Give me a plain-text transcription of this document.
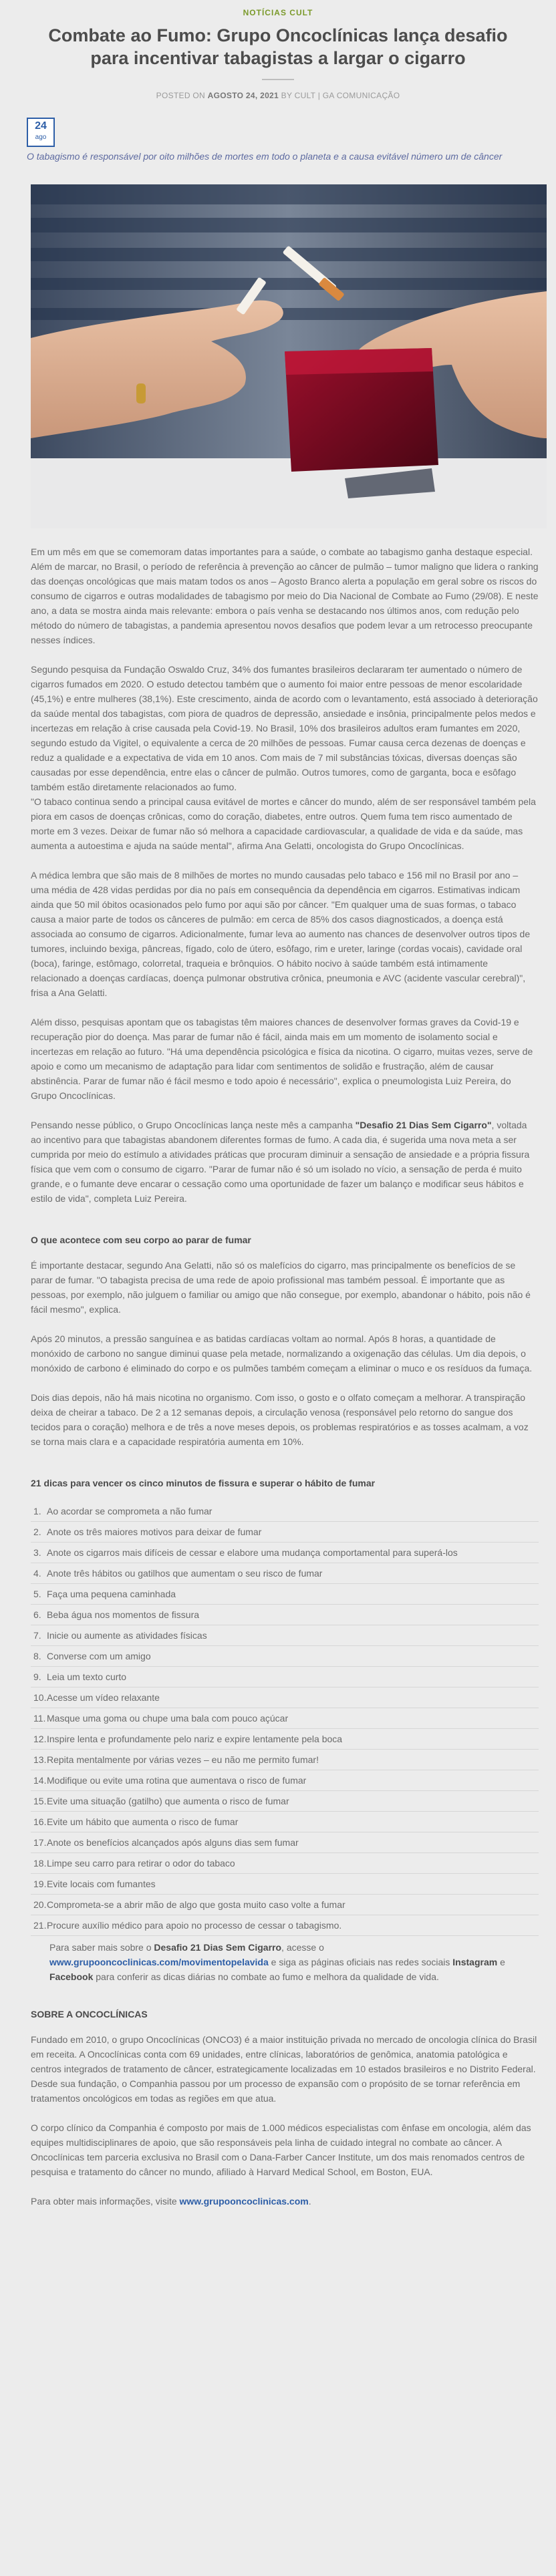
NOTÍCIAS CULT
Combate ao Fumo: Grupo Oncoclínicas lança desafio para incentivar tabagistas a largar o cigarro
POSTED ON AGOSTO 24, 2021 BY CULT | GA COMUNICAÇÃO
24
ago

O tabagismo é responsável por oito milhões de mortes em todo o planeta e a causa evitável número um de câncer

Em um mês em que se comemoram datas importantes para a saúde, o combate ao tabagismo ganha destaque especial. Além de marcar, no Brasil, o período de referência à prevenção ao câncer de pulmão – tumor maligno que lidera o ranking das doenças oncológicas que mais matam todos os anos – Agosto Branco alerta a população em geral sobre os riscos do consumo de cigarros e outras modalidades de tabagismo por meio do Dia Nacional de Combate ao Fumo (29/08). E neste ano, a data se mostra ainda mais relevante: embora o país venha se destacando nos últimos anos, com redução pelo método do número de tabagistas, a pandemia apresentou novos desafios que podem levar a um retrocesso preocupante nesses índices.

Segundo pesquisa da Fundação Oswaldo Cruz, 34% dos fumantes brasileiros declararam ter aumentado o número de cigarros fumados em 2020. O estudo detectou também que o aumento foi maior entre pessoas de menor escolaridade (45,1%) e entre mulheres (38,1%). Este crescimento, ainda de acordo com o levantamento, está associado à deterioração da saúde mental dos tabagistas, com piora de quadros de depressão, ansiedade e insônia, principalmente pelos medos e incertezas em relação à crise causada pela Covid-19. No Brasil, 10% dos brasileiros adultos eram fumantes em 2020, segundo estudo da Vigitel, o equivalente a cerca de 20 milhões de pessoas. Fumar causa cerca dezenas de doenças e reduz a qualidade e a expectativa de vida em 10 anos. Com mais de 7 mil substâncias tóxicas, diversas doenças são causadas por esse dependência, entre elas o câncer de pulmão. Outros tumores, como de garganta, boca e esôfago também estão diretamente relacionados ao fumo.

"O tabaco continua sendo a principal causa evitável de mortes e câncer do mundo, além de ser responsável também pela piora em casos de doenças crônicas, como do coração, diabetes, entre outros. Quem fuma tem risco aumentado de morte em 3 vezes. Deixar de fumar não só melhora a capacidade cardiovascular, a qualidade de vida e da saúde, mas aumenta a autoestima e ajuda na saúde mental", afirma Ana Gelatti, oncologista do Grupo Oncoclínicas.

A médica lembra que são mais de 8 milhões de mortes no mundo causadas pelo tabaco e 156 mil no Brasil por ano – uma média de 428 vidas perdidas por dia no país em consequência da dependência em cigarros. Estimativas indicam ainda que 50 mil óbitos ocasionados pelo fumo por aqui são por câncer. "Em qualquer uma de suas formas, o tabaco causa a maior parte de todos os cânceres de pulmão: em cerca de 85% dos casos diagnosticados, a doença está associada ao consumo de cigarros. Adicionalmente, fumar leva ao aumento nas chances de desenvolver outros tipos de tumores, incluindo bexiga, pâncreas, fígado, colo de útero, esôfago, rim e ureter, laringe (cordas vocais), cavidade oral (boca), faringe, estômago, colorretal, traqueia e brônquios. O hábito nocivo à saúde também está intimamente relacionado a doenças cardíacas, doença pulmonar obstrutiva crônica, pneumonia e AVC (acidente vascular cerebral)", frisa a Ana Gelatti.

Além disso, pesquisas apontam que os tabagistas têm maiores chances de desenvolver formas graves da Covid-19 e recuperação pior do doença. Mas parar de fumar não é fácil, ainda mais em um momento de isolamento social e incertezas em relação ao futuro. "Há uma dependência psicológica e física da nicotina. O cigarro, muitas vezes, serve de apoio e como um mecanismo de adaptação para lidar com sentimentos de solidão e frustração, além de causar abstinência. Parar de fumar não é fácil mesmo e todo apoio é necessário", explica o pneumologista Luiz Pereira, do Grupo Oncoclínicas.

Pensando nesse público, o Grupo Oncoclínicas lança neste mês a campanha "Desafio 21 Dias Sem Cigarro", voltada ao incentivo para que tabagistas abandonem diferentes formas de fumo. A cada dia, é sugerida uma nova meta a ser cumprida por meio do estímulo a atividades práticas que procuram diminuir a sensação de ansiedade e a própria fissura física que vem com o consumo de cigarro. "Parar de fumar não é só um isolado no vício, a sensação de perda é muito grande, e o fumante deve encarar o cessação como uma oportunidade de fazer um balanço e modificar seus hábitos e estilo de vida", completa Luiz Pereira.

O que acontece com seu corpo ao parar de fumar

É importante destacar, segundo Ana Gelatti, não só os malefícios do cigarro, mas principalmente os benefícios de se parar de fumar. "O tabagista precisa de uma rede de apoio profissional mas também pessoal. É importante que as pessoas, por exemplo, não julguem o familiar ou amigo que não consegue, por exemplo, abandonar o hábito, pois não é fácil mesmo", explica.

Após 20 minutos, a pressão sanguínea e as batidas cardíacas voltam ao normal. Após 8 horas, a quantidade de monóxido de carbono no sangue diminui quase pela metade, normalizando a oxigenação das células. Um dia depois, o monóxido de carbono é eliminado do corpo e os pulmões também começam a eliminar o muco e os resíduos da fumaça.

Dois dias depois, não há mais nicotina no organismo. Com isso, o gosto e o olfato começam a melhorar. A transpiração deixa de cheirar a tabaco. De 2 a 12 semanas depois, a circulação venosa (responsável pelo retorno do sangue dos tecidos para o coração) melhora e de três a nove meses depois, os problemas respiratórios e as tosses acalmam, a voz se torna mais clara e a capacidade respiratória aumenta em 10%.

21 dicas para vencer os cinco minutos de fissura e superar o hábito de fumar
1. Ao acordar se comprometa a não fumar
2. Anote os três maiores motivos para deixar de fumar
3. Anote os cigarros mais difíceis de cessar e elabore uma mudança comportamental para superá-los
4. Anote três hábitos ou gatilhos que aumentam o seu risco de fumar
5. Faça uma pequena caminhada
6. Beba água nos momentos de fissura
7. Inicie ou aumente as atividades físicas
8. Converse com um amigo
9. Leia um texto curto
10.Acesse um vídeo relaxante
11. Masque uma goma ou chupe uma bala com pouco açúcar
12.Inspire lenta e profundamente pelo nariz e expire lentamente pela boca
13.Repita mentalmente por várias vezes – eu não me permito fumar!
14.Modifique ou evite uma rotina que aumentava o risco de fumar
15.Evite uma situação (gatilho) que aumenta o risco de fumar
16.Evite um hábito que aumenta o risco de fumar
17.Anote os benefícios alcançados após alguns dias sem fumar
18.Limpe seu carro para retirar o odor do tabaco
19.Evite locais com fumantes
20.Comprometa-se a abrir mão de algo que gosta muito caso volte a fumar
21.Procure auxílio médico para apoio no processo de cessar o tabagismo.

Para saber mais sobre o Desafio 21 Dias Sem Cigarro, acesse o www.grupooncoclinicas.com/movimentopelavida e siga as páginas oficiais nas redes sociais Instagram e Facebook para conferir as dicas diárias no combate ao fumo e melhora da qualidade de vida.

SOBRE A ONCOCLÍNICAS

Fundado em 2010, o grupo Oncoclínicas (ONCO3) é a maior instituição privada no mercado de oncologia clínica do Brasil em receita. A Oncoclínicas conta com 69 unidades, entre clínicas, laboratórios de genômica, anatomia patológica e centros integrados de tratamento de câncer, estrategicamente localizadas em 10 estados brasileiros e no Distrito Federal. Desde sua fundação, o Companhia passou por um processo de expansão com o propósito de se tornar referência em tratamentos oncológicos em todas as regiões em que atua.

O corpo clínico da Companhia é composto por mais de 1.000 médicos especialistas com ênfase em oncologia, além das equipes multidisciplinares de apoio, que são responsáveis pela linha de cuidado integral no combate ao câncer. A Oncoclínicas tem parceria exclusiva no Brasil com o Dana-Farber Cancer Institute, um dos mais renomados centros de pesquisa e tratamento do câncer no mundo, afiliado à Harvard Medical School, em Boston, EUA.

Para obter mais informações, visite www.grupooncoclinicas.com.
